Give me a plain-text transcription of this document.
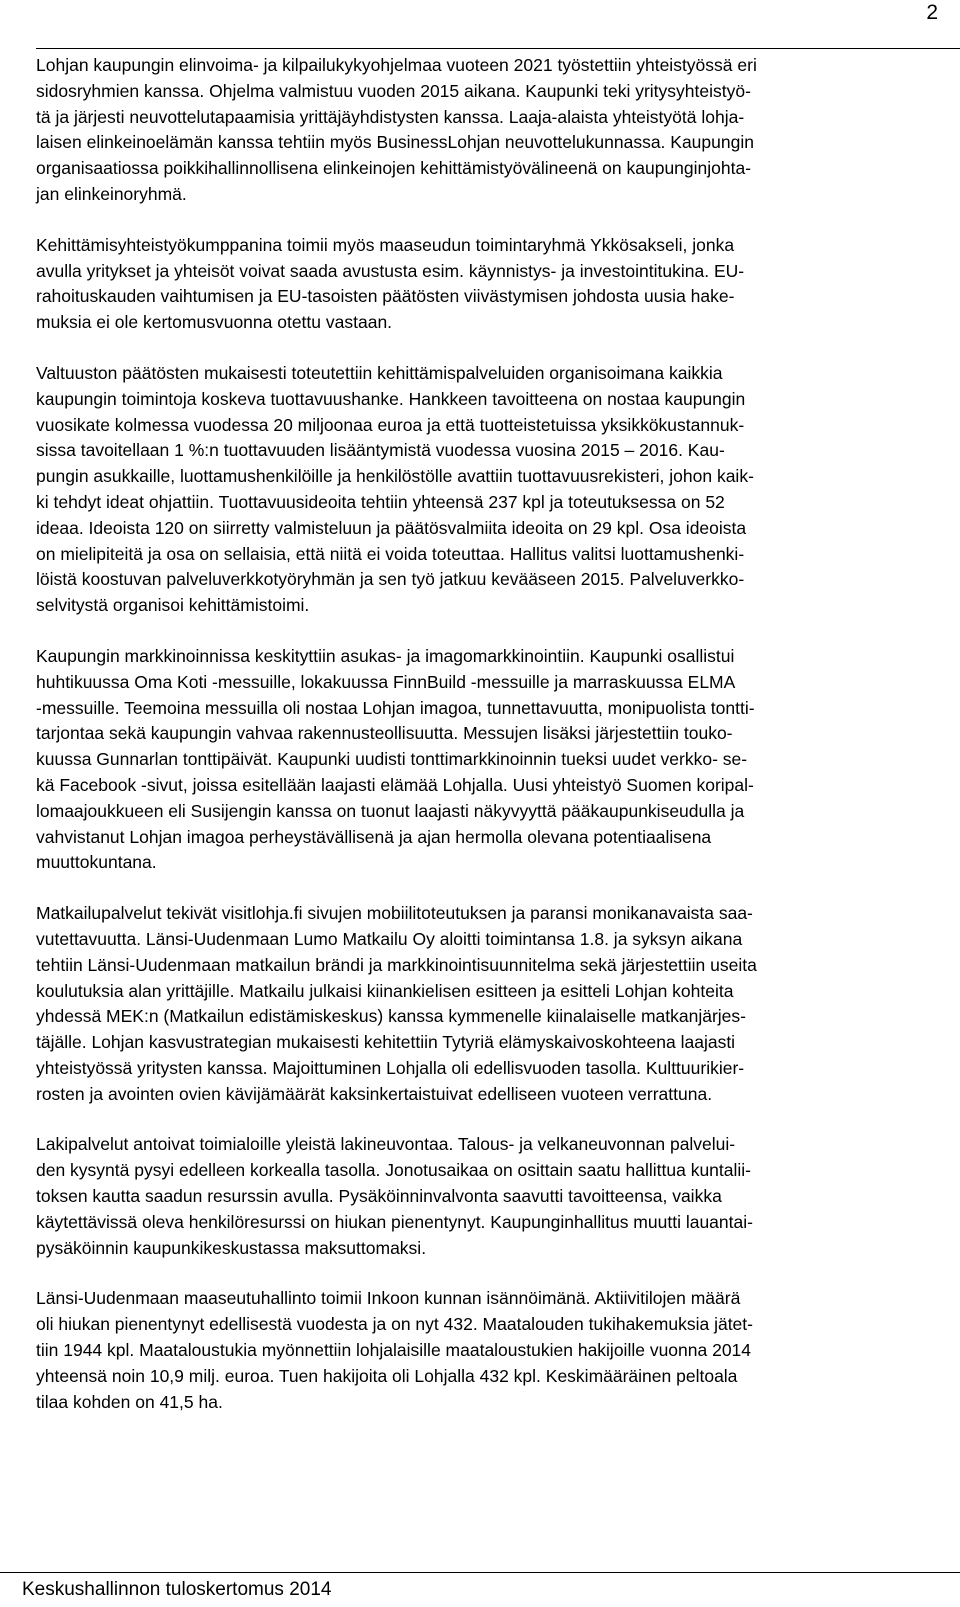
2

Lohjan kaupungin elinvoima- ja kilpailukykyohjelmaa vuoteen 2021 työstettiin yhteistyössä eri
sidosryhmien kanssa. Ohjelma valmistuu vuoden 2015 aikana. Kaupunki teki yritysyhteistyö-
tä ja järjesti neuvottelutapaamisia yrittäjäyhdistysten kanssa. Laaja-alaista yhteistyötä lohja-
laisen elinkeinoelämän kanssa tehtiin myös BusinessLohjan neuvottelukunnassa. Kaupungin
organisaatiossa poikkihallinnollisena elinkeinojen kehittämistyövälineenä on kaupunginjohta-
jan elinkeinoryhmä.

Kehittämisyhteistyökumppanina toimii myös maaseudun toimintaryhmä Ykkösakseli, jonka
avulla yritykset ja yhteisöt voivat saada avustusta esim. käynnistys- ja investointitukina. EU-
rahoituskauden vaihtumisen ja EU-tasoisten päätösten viivästymisen johdosta uusia hake-
muksia ei ole kertomusvuonna otettu vastaan.

Valtuuston päätösten mukaisesti toteutettiin kehittämispalveluiden organisoimana kaikkia
kaupungin toimintoja koskeva tuottavuushanke. Hankkeen tavoitteena on nostaa kaupungin
vuosikate kolmessa vuodessa 20 miljoonaa euroa ja että tuotteistetuissa yksikkökustannuk-
sissa tavoitellaan 1 %:n tuottavuuden lisääntymistä vuodessa vuosina 2015 – 2016. Kau-
pungin asukkaille, luottamushenkilöille ja henkilöstölle avattiin tuottavuusrekisteri, johon kaik-
ki tehdyt ideat ohjattiin. Tuottavuusideoita tehtiin yhteensä 237 kpl ja toteutuksessa on 52
ideaa. Ideoista 120 on siirretty valmisteluun ja päätösvalmiita ideoita on 29 kpl. Osa ideoista
on mielipiteitä ja osa on sellaisia, että niitä ei voida toteuttaa. Hallitus valitsi luottamushenki-
löistä koostuvan palveluverkkotyöryhmän ja sen työ jatkuu kevääseen 2015. Palveluverkko-
selvitystä organisoi kehittämistoimi.

Kaupungin markkinoinnissa keskityttiin asukas- ja imagomarkkinointiin. Kaupunki osallistui
huhtikuussa Oma Koti -messuille, lokakuussa FinnBuild -messuille ja marraskuussa ELMA
-messuille. Teemoina messuilla oli nostaa Lohjan imagoa, tunnettavuutta, monipuolista tontti-
tarjontaa sekä kaupungin vahvaa rakennusteollisuutta. Messujen lisäksi järjestettiin touko-
kuussa Gunnarlan tonttipäivät. Kaupunki uudisti tonttimarkkinoinnin tueksi uudet verkko- se-
kä Facebook -sivut, joissa esitellään laajasti elämää Lohjalla. Uusi yhteistyö Suomen koripal-
lomaajoukkueen eli Susijengin kanssa on tuonut laajasti näkyvyyttä pääkaupunkiseudulla ja
vahvistanut Lohjan imagoa perheystävällisenä ja ajan hermolla olevana potentiaalisena
muuttokuntana.

Matkailupalvelut tekivät visitlohja.fi sivujen mobiilitoteutuksen ja paransi monikanavaista saa-
vutettavuutta. Länsi-Uudenmaan Lumo Matkailu Oy aloitti toimintansa 1.8. ja syksyn aikana
tehtiin Länsi-Uudenmaan matkailun brändi ja markkinointisuunnitelma sekä järjestettiin useita
koulutuksia alan yrittäjille. Matkailu julkaisi kiinankielisen esitteen ja esitteli Lohjan kohteita
yhdessä MEK:n (Matkailun edistämiskeskus) kanssa kymmenelle kiinalaiselle matkanjärjes-
täjälle. Lohjan kasvustrategian mukaisesti kehitettiin Tytyriä elämyskaivoskohteena laajasti
yhteistyössä yritysten kanssa. Majoittuminen Lohjalla oli edellisvuoden tasolla. Kulttuurikier-
rosten ja avointen ovien kävijämäärät kaksinkertaistuivat edelliseen vuoteen verrattuna.

Lakipalvelut antoivat toimialoille yleistä lakineuvontaa. Talous- ja velkaneuvonnan palvelui-
den kysyntä pysyi edelleen korkealla tasolla. Jonotusaikaa on osittain saatu hallittua kuntalii-
toksen kautta saadun resurssin avulla. Pysäköinninvalvonta saavutti tavoitteensa, vaikka
käytettävissä oleva henkilöresurssi on hiukan pienentynyt. Kaupunginhallitus muutti lauantai-
pysäköinnin kaupunkikeskustassa maksuttomaksi.

Länsi-Uudenmaan maaseutuhallinto toimii Inkoon kunnan isännöimänä. Aktiivitilojen määrä
oli hiukan pienentynyt edellisestä vuodesta ja on nyt 432. Maatalouden tukihakemuksia jätet-
tiin 1944 kpl. Maataloustukia myönnettiin lohjalaisille maataloustukien hakijoille vuonna 2014
yhteensä noin 10,9 milj. euroa. Tuen hakijoita oli Lohjalla 432 kpl. Keskimääräinen peltoala
tilaa kohden on 41,5 ha.

Keskushallinnon tuloskertomus 2014
